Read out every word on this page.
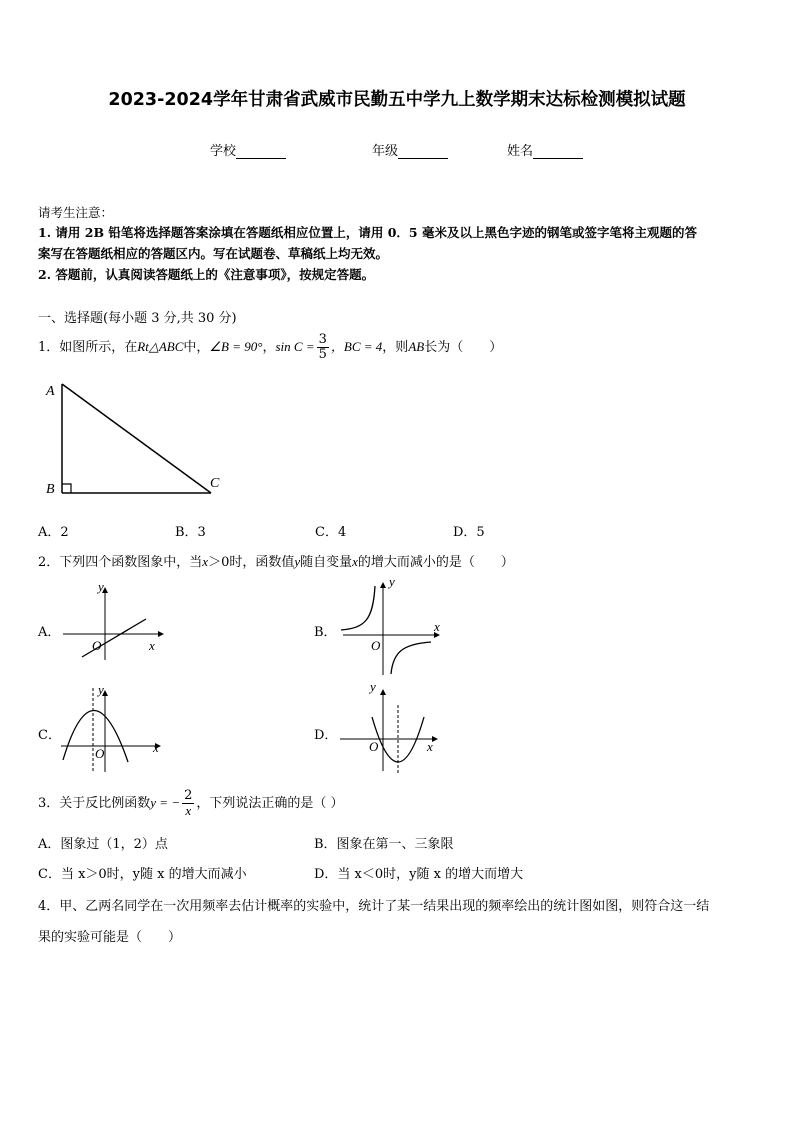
2023-2024学年甘肃省武威市民勤五中学九上数学期末达标检测模拟试题
学校	年级	姓名
请考生注意：
1. 请用 2B 铅笔将选择题答案涂填在答题纸相应位置上，请用 0．5 毫米及以上黑色字迹的钢笔或签字笔将主观题的答
案写在答题纸相应的答题区内。写在试题卷、草稿纸上均无效。
2. 答题前，认真阅读答题纸上的《注意事项》，按规定答题。
一、选择题(每小题 3 分,共 30 分)
1．如图所示，在Rt△ABC中，∠B = 90°，$\sin C = \frac{3}{5}$ ，BC = 4，则AB长为（　　）
A
B	C
A．2	B．3	C．4	D．5
2．下列四个函数图象中，当x＞0时，函数值y随自变量x的增大而减小的是（　　）
A．
y
x
O
B．
y
x
O
C．
y
x
O
D．
y
x
O
3．关于反比例函数y = − $\frac{2}{x}$ ，下列说法正确的是（ ）
A．图象过（1，2）点	B．图象在第一、三象限
C．当 x＞0时，y随 x 的增大而减小	D．当 x＜0时，y随 x 的增大而增大
4．甲、乙两名同学在一次用频率去估计概率的实验中，统计了某一结果出现的频率绘出的统计图如图，则符合这一结
果的实验可能是（　　）
